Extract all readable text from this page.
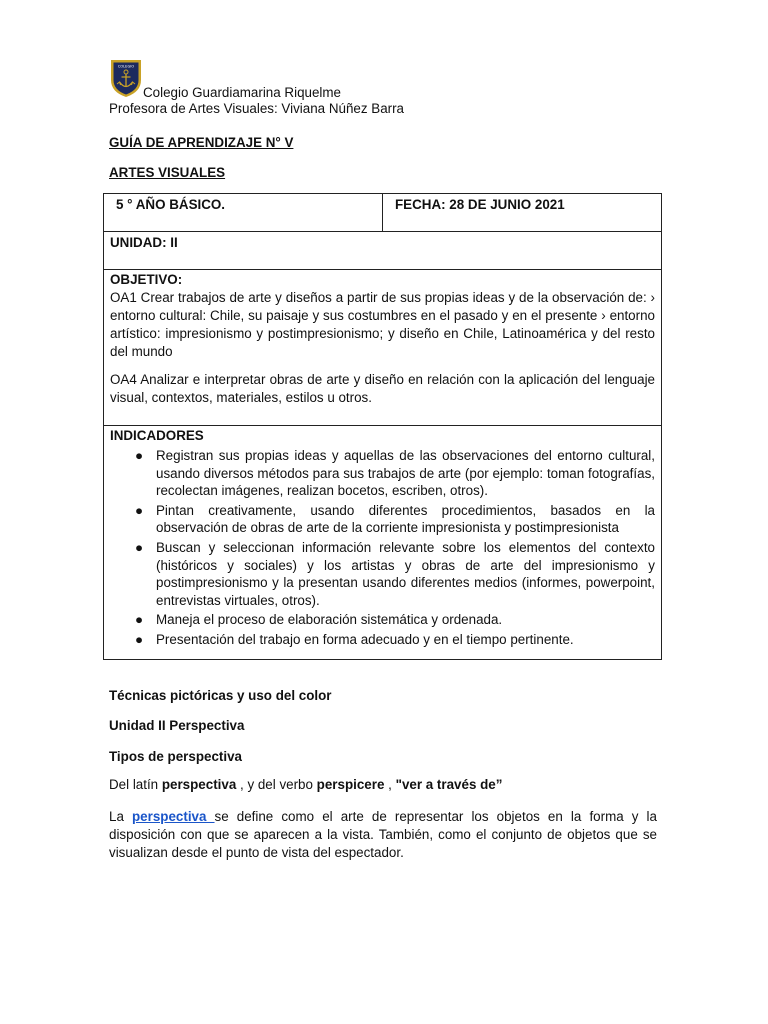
COLEGIO
Colegio Guardiamarina Riquelme
Profesora de Artes Visuales: Viviana Núñez Barra
GUÍA DE APRENDIZAJE N° V
ARTES VISUALES
5 ° AÑO BÁSICO.	FECHA: 28 DE JUNIO 2021
UNIDAD: II

OBJETIVO:
OA1 Crear trabajos de arte y diseños a partir de sus propias ideas y de la observación de: › entorno cultural: Chile, su paisaje y sus costumbres en el pasado y en el presente › entorno artístico: impresionismo y postimpresionismo; y diseño en Chile, Latinoamérica y del resto del mundo
OA4 Analizar e interpretar obras de arte y diseño en relación con la aplicación del lenguaje visual, contextos, materiales, estilos u otros.

INDICADORES
● Registran sus propias ideas y aquellas de las observaciones del entorno cultural, usando diversos métodos para sus trabajos de arte (por ejemplo: toman fotografías, recolectan imágenes, realizan bocetos, escriben, otros).
● Pintan creativamente, usando diferentes procedimientos, basados en la observación de obras de arte de la corriente impresionista y postimpresionista
● Buscan y seleccionan información relevante sobre los elementos del contexto (históricos y sociales) y los artistas y obras de arte del impresionismo y postimpresionismo y la presentan usando diferentes medios (informes, powerpoint, entrevistas virtuales, otros).
● Maneja el proceso de elaboración sistemática y ordenada.
● Presentación del trabajo en forma adecuado y en el tiempo pertinente.
Técnicas pictóricas y uso del color
Unidad II Perspectiva
Tipos de perspectiva
Del latín perspectiva , y del verbo perspicere , "ver a través de”
La perspectiva se define como el arte de representar los objetos en la forma y la disposición con que se aparecen a la vista. También, como el conjunto de objetos que se visualizan desde el punto de vista del espectador.
